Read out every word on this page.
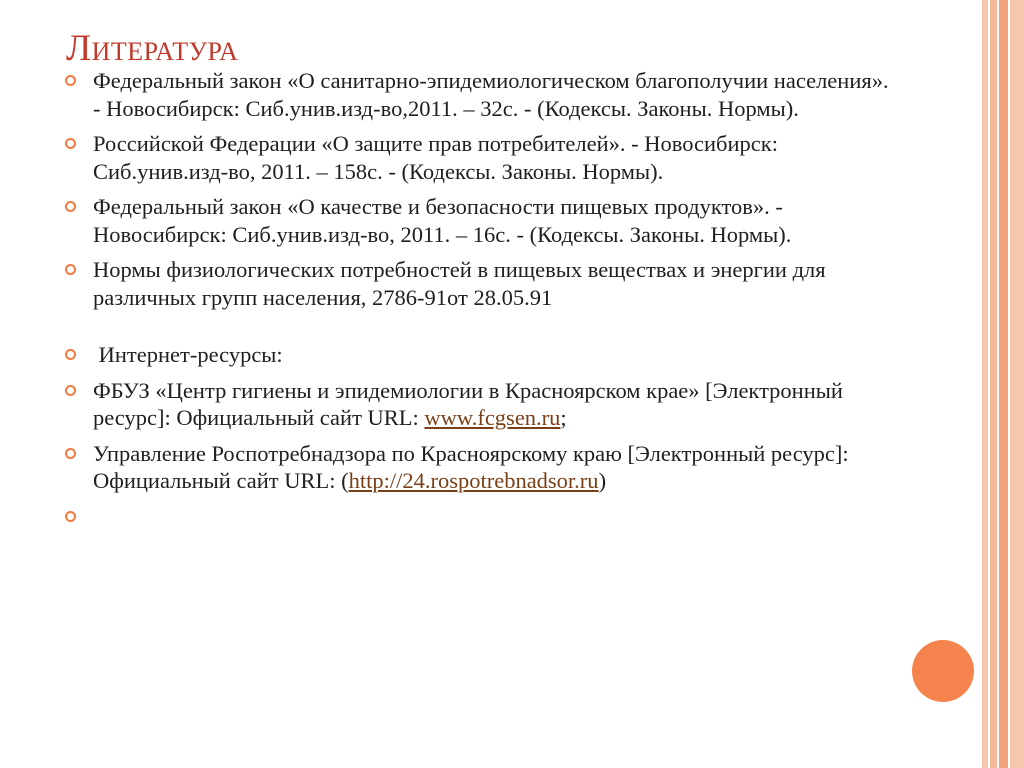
Литература
Федеральный закон «О санитарно-эпидемиологическом благополучии населения». - Новосибирск: Сиб.унив.изд-во,2011. – 32с. - (Кодексы. Законы. Нормы).
Российской Федерации «О защите прав потребителей». - Новосибирск: Сиб.унив.изд-во, 2011. – 158с. - (Кодексы. Законы. Нормы).
Федеральный закон «О качестве и безопасности пищевых продуктов». - Новосибирск: Сиб.унив.изд-во, 2011. – 16с. - (Кодексы. Законы. Нормы).
Нормы физиологических потребностей в пищевых веществах и энергии для различных групп населения, 2786-91от 28.05.91
Интернет-ресурсы:
ФБУЗ «Центр гигиены и эпидемиологии в Красноярском крае» [Электронный ресурс]: Официальный сайт URL: www.fcgsen.ru;
Управление Роспотребнадзора по Красноярскому краю [Электронный ресурс]: Официальный сайт URL: (http://24.rospotrebnadsor.ru)
